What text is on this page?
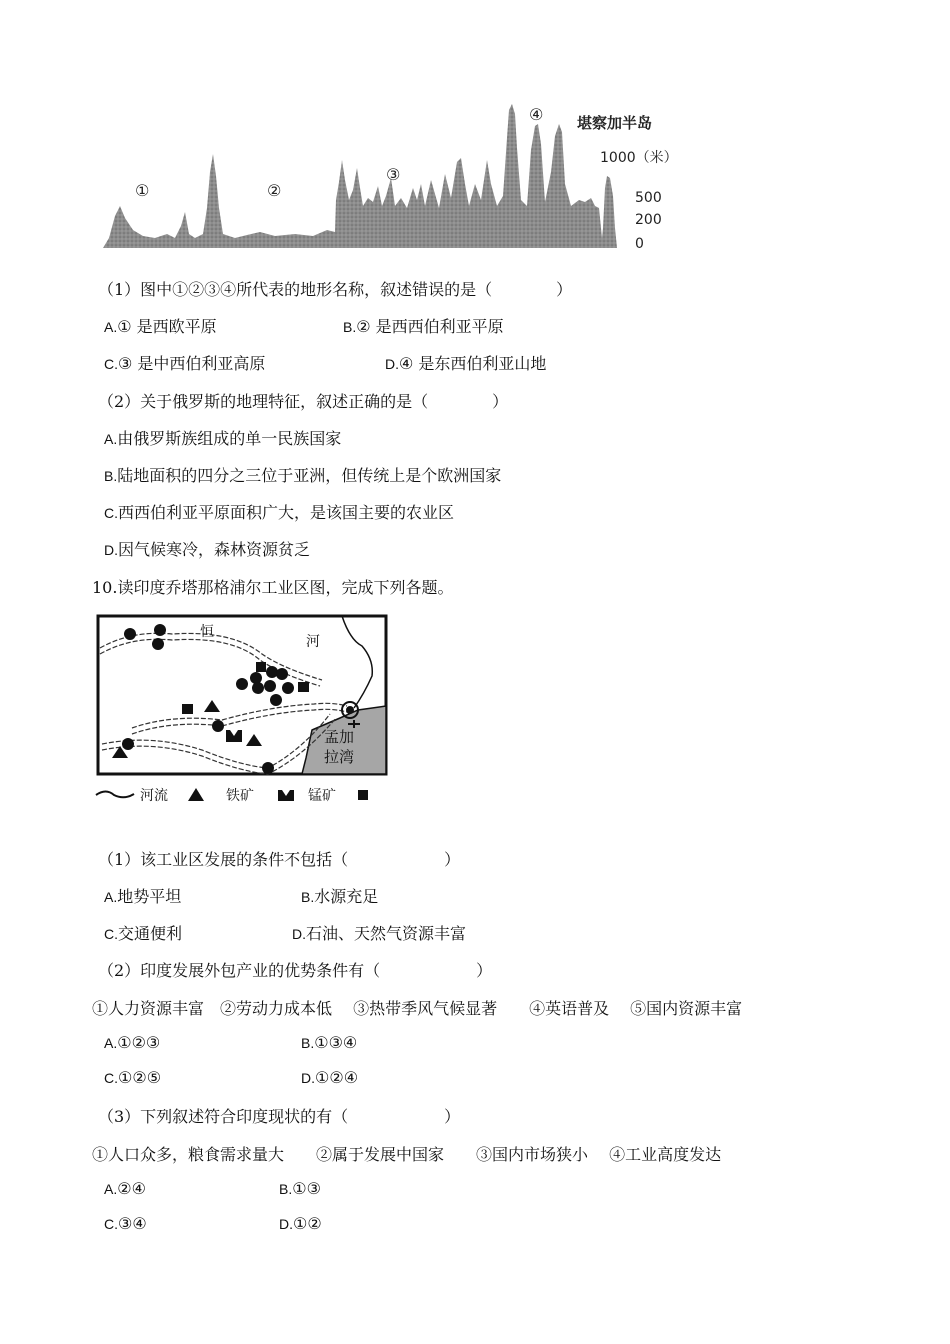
①	②
③
④ 堪察加半岛
1000（米）
500
200
0
（1）图中①②③④所代表的地形名称，叙述错误的是（　　　　）
A.① 是西欧平原	B.② 是西西伯利亚平原
C.③ 是中西伯利亚高原	D.④ 是东西伯利亚山地
（2）关于俄罗斯的地理特征，叙述正确的是（　　　　）
A.由俄罗斯族组成的单一民族国家
B.陆地面积的四分之三位于亚洲，但传统上是个欧洲国家
C.西西伯利亚平原面积广大，是该国主要的农业区
D.因气候寒冷，森林资源贫乏
10.读印度乔塔那格浦尔工业区图，完成下列各题。
恒
河
孟加
拉湾
河流	铁矿	锰矿
（1）该工业区发展的条件不包括（　　　　　　）
A.地势平坦	B.水源充足
C.交通便利	D.石油、天然气资源丰富
（2）印度发展外包产业的优势条件有（　　　　　　）
①人力资源丰富　②劳动力成本低　 ③热带季风气候显著　　④英语普及　 ⑤国内资源丰富
A.①②③	B.①③④
C.①②⑤	D.①②④
（3）下列叙述符合印度现状的有（　　　　　　）
①人口众多，粮食需求量大　　②属于发展中国家　　③国内市场狭小　 ④工业高度发达
A.②④	B.①③
C.③④	D.①②
